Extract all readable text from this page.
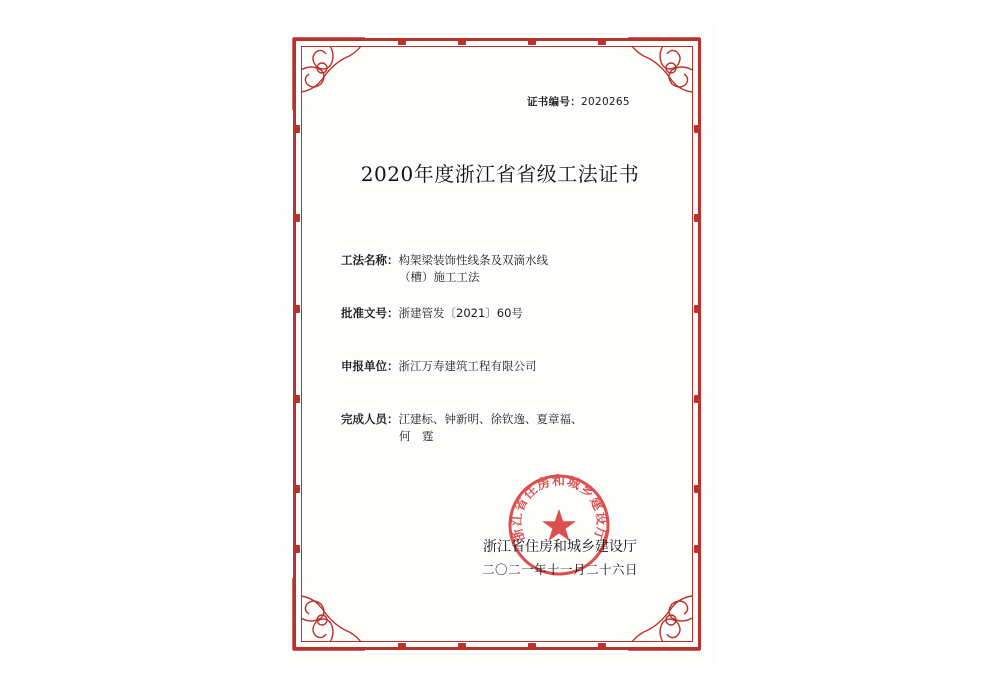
证书编号：2020265
2020年度浙江省省级工法证书
工法名称：构架梁装饰性线条及双滴水线
（槽）施工工法
批准文号：浙建管发〔2021〕60号
申报单位：浙江万寿建筑工程有限公司
完成人员：江建标、钟新明、徐钦逸、夏章福、
何　霆
浙江省住房和城乡建设厅
浙江省住房和城乡建设厅
二〇二一年十一月二十六日
